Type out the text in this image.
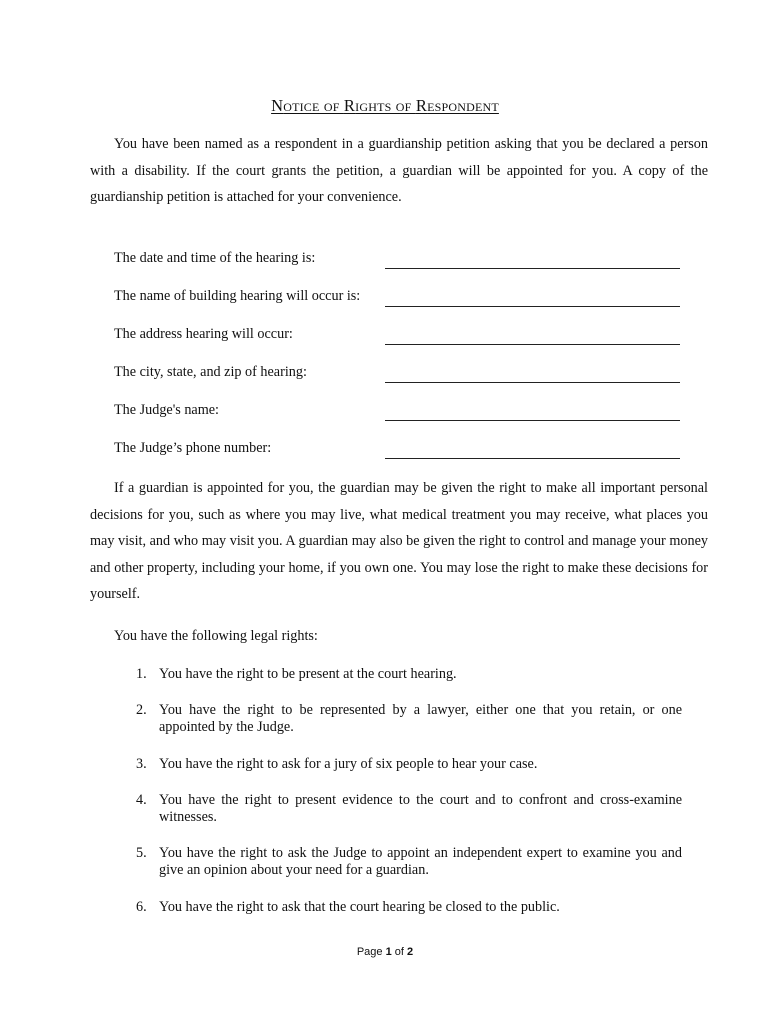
Notice of Rights of Respondent
You have been named as a respondent in a guardianship petition asking that you be declared a person with a disability. If the court grants the petition, a guardian will be appointed for you. A copy of the guardianship petition is attached for your convenience.
The date and time of the hearing is:
The name of building hearing will occur is:
The address hearing will occur:
The city, state, and zip of hearing:
The Judge's name:
The Judge’s phone number:
If a guardian is appointed for you, the guardian may be given the right to make all important personal decisions for you, such as where you may live, what medical treatment you may receive, what places you may visit, and who may visit you. A guardian may also be given the right to control and manage your money and other property, including your home, if you own one. You may lose the right to make these decisions for yourself.
You have the following legal rights:
1. You have the right to be present at the court hearing.
2. You have the right to be represented by a lawyer, either one that you retain, or one appointed by the Judge.
3. You have the right to ask for a jury of six people to hear your case.
4. You have the right to present evidence to the court and to confront and cross-examine witnesses.
5. You have the right to ask the Judge to appoint an independent expert to examine you and give an opinion about your need for a guardian.
6. You have the right to ask that the court hearing be closed to the public.
Page 1 of 2
